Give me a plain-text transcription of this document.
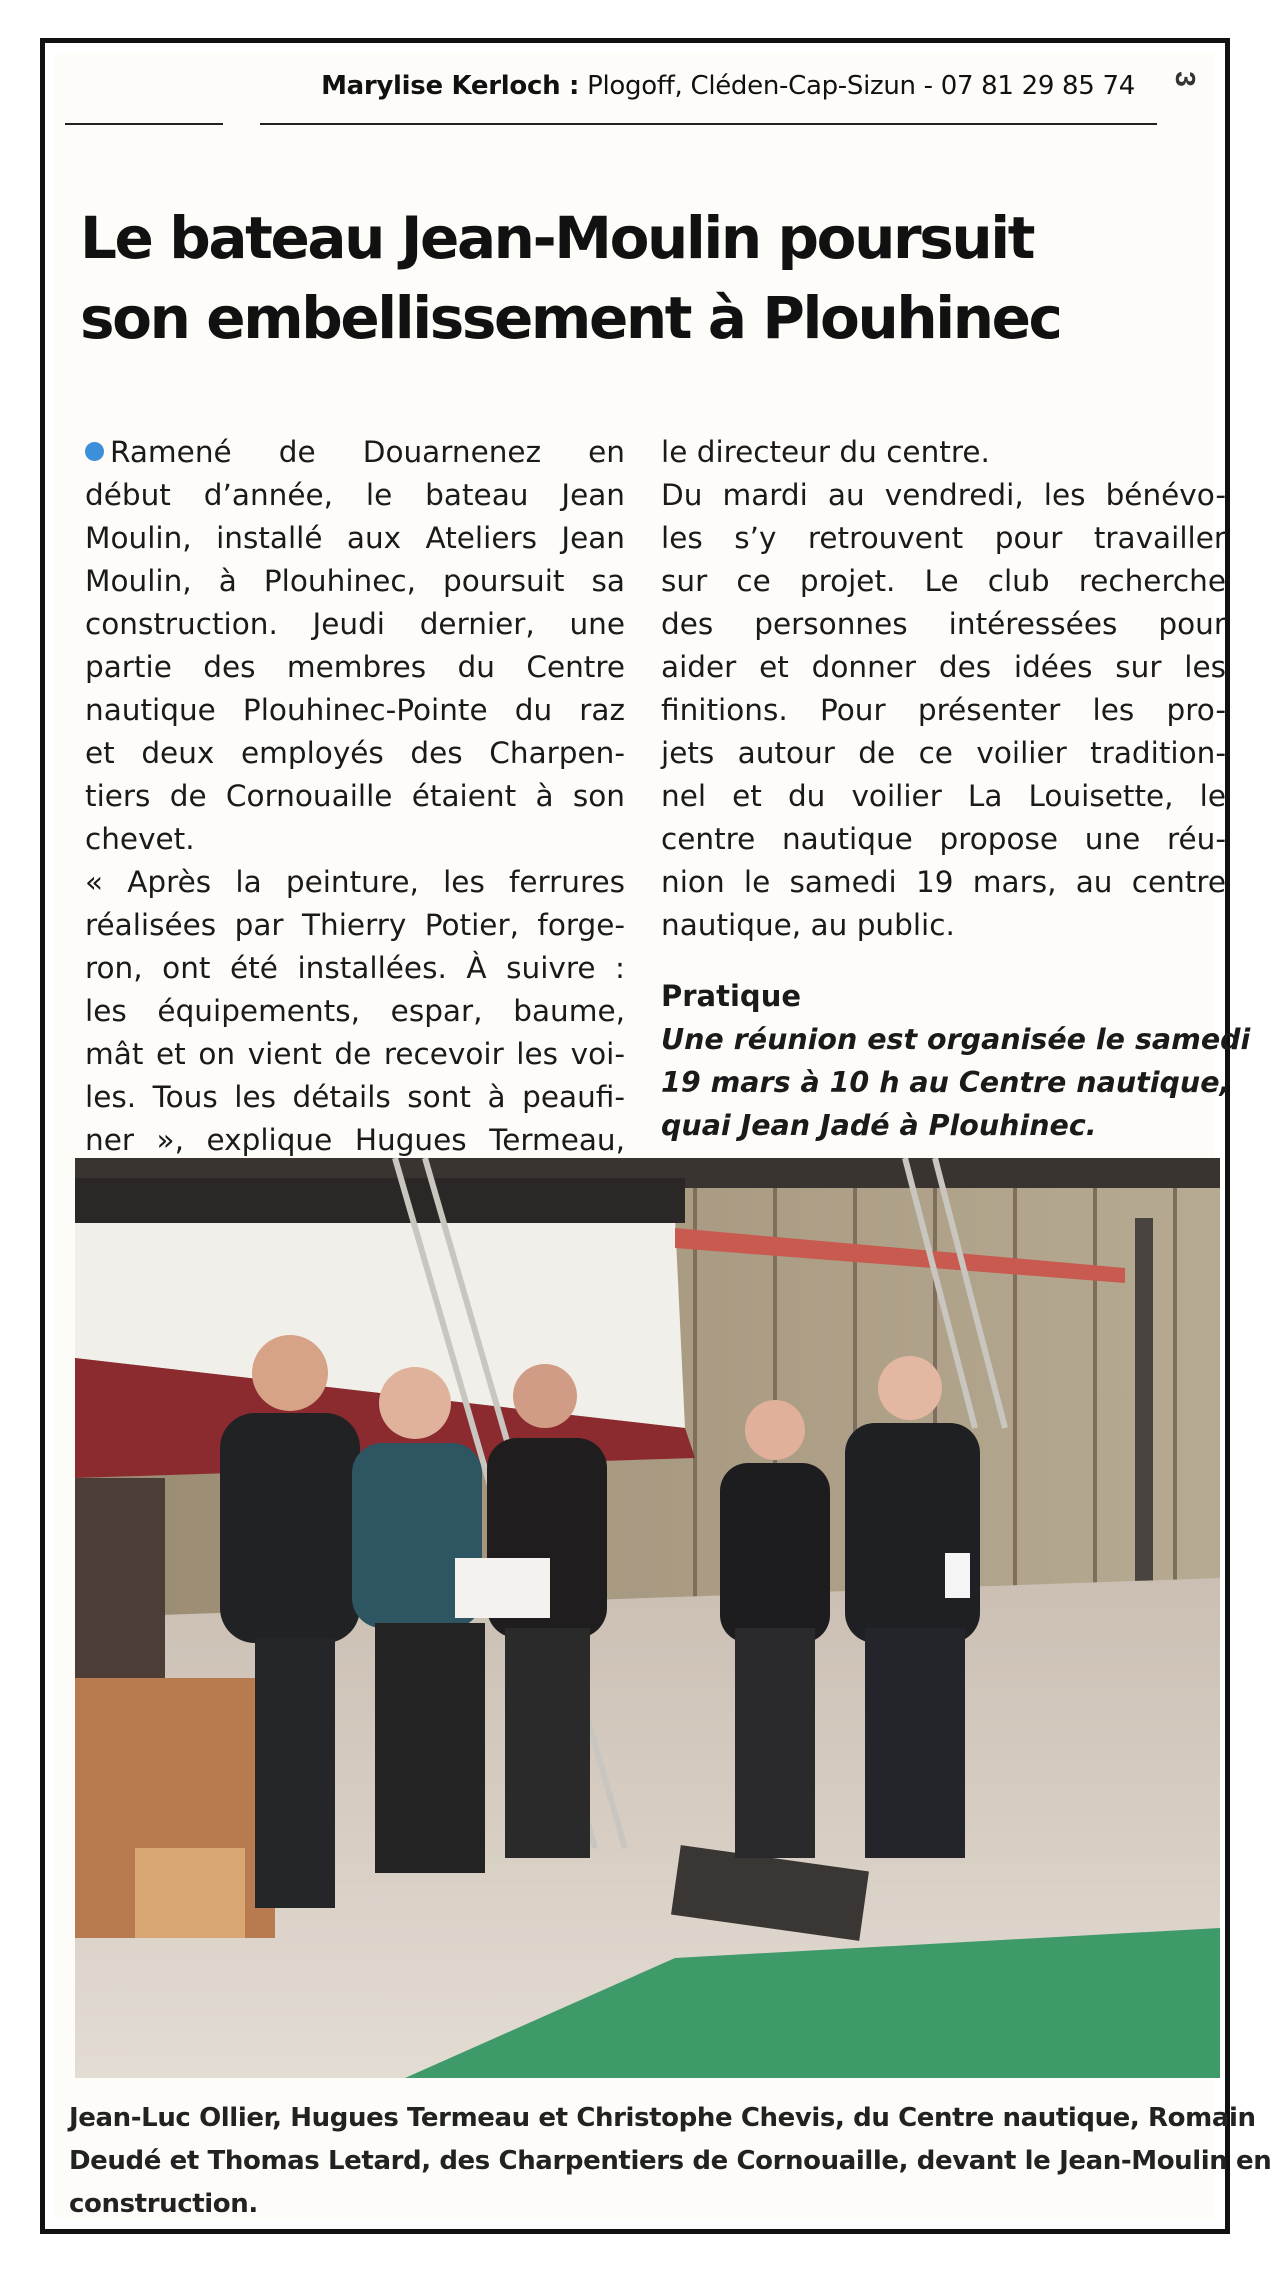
Marylise Kerloch : Plogoff, Cléden-Cap-Sizun - 07 81 29 85 74 3
Le bateau Jean-Moulin poursuit
son embellissement à Plouhinec
Ramené de Douarnenez en
début d’année, le bateau Jean
Moulin, installé aux Ateliers Jean
Moulin, à Plouhinec, poursuit sa
construction. Jeudi dernier, une
partie des membres du Centre
nautique Plouhinec-Pointe du raz
et deux employés des Charpen-
tiers de Cornouaille étaient à son
chevet.
« Après la peinture, les ferrures
réalisées par Thierry Potier, forge-
ron, ont été installées. À suivre :
les équipements, espar, baume,
mât et on vient de recevoir les voi-
les. Tous les détails sont à peaufi-
ner », explique Hugues Termeau,
le directeur du centre.
Du mardi au vendredi, les bénévo-
les s’y retrouvent pour travailler
sur ce projet. Le club recherche
des personnes intéressées pour
aider et donner des idées sur les
finitions. Pour présenter les pro-
jets autour de ce voilier tradition-
nel et du voilier La Louisette, le
centre nautique propose une réu-
nion le samedi 19 mars, au centre
nautique, au public.
Pratique
Une réunion est organisée le samedi
19 mars à 10 h au Centre nautique,
quai Jean Jadé à Plouhinec.
Jean-Luc Ollier, Hugues Termeau et Christophe Chevis, du Centre nautique, Romain
Deudé et Thomas Letard, des Charpentiers de Cornouaille, devant le Jean-Moulin en
construction.
